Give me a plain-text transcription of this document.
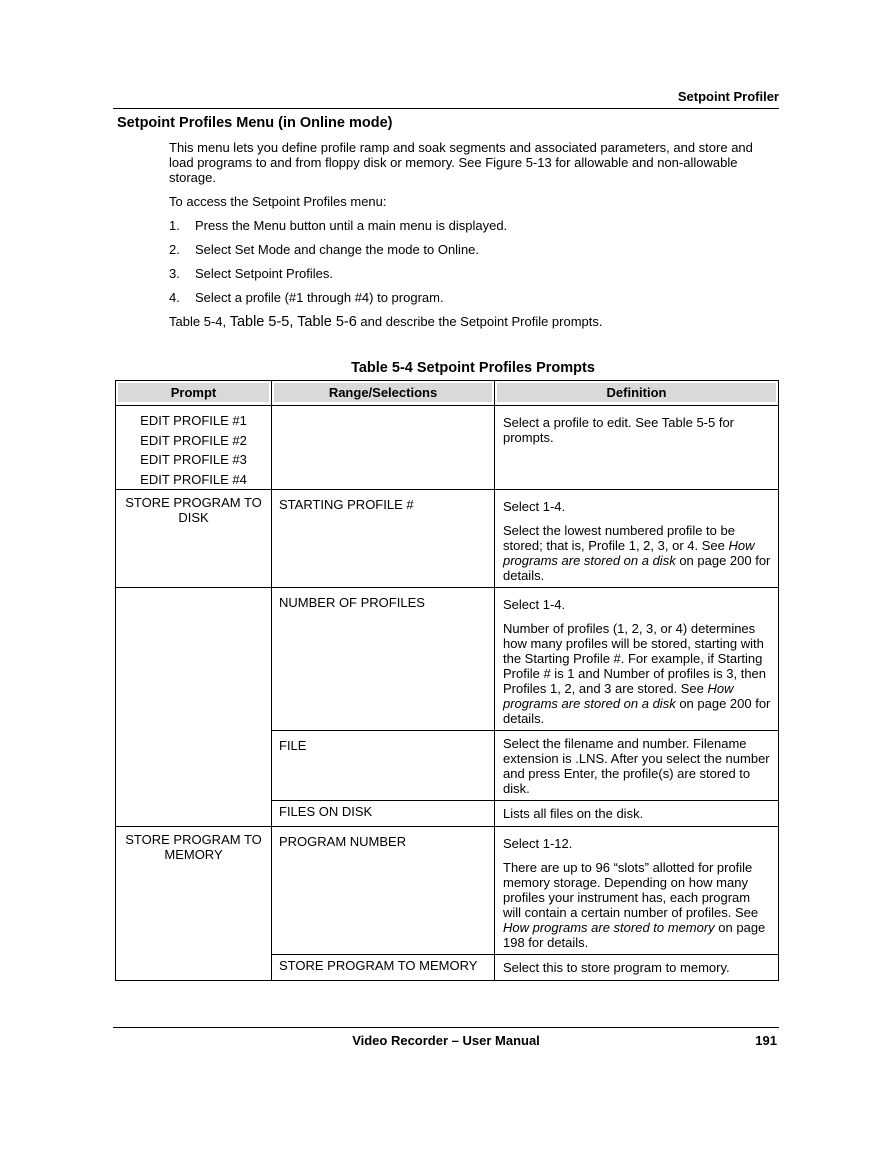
Setpoint Profiler
Setpoint Profiles Menu (in Online mode)

This menu lets you define profile ramp and soak segments and associated parameters, and store and load programs to and from floppy disk or memory. See Figure 5-13 for allowable and non-allowable storage.

To access the Setpoint Profiles menu:

1.	Press the Menu button until a main menu is displayed.
2.	Select Set Mode and change the mode to Online.
3.	Select Setpoint Profiles.
4.	Select a profile (#1 through #4) to program.

Table 5-4, Table 5-5, Table 5-6 and describe the Setpoint Profile prompts.

Table 5-4 Setpoint Profiles Prompts
Prompt	Range/Selections	Definition

EDIT PROFILE #1
EDIT PROFILE #2
EDIT PROFILE #3
EDIT PROFILE #4		Select a profile to edit. See Table 5-5 for prompts.

STORE PROGRAM TO DISK	STARTING PROFILE #	Select 1-4.

Select the lowest numbered profile to be stored; that is, Profile 1, 2, 3, or 4. See How programs are stored on a disk on page 200 for details.

	NUMBER OF PROFILES	Select 1-4.

Number of profiles (1, 2, 3, or 4) determines how many profiles will be stored, starting with the Starting Profile #. For example, if Starting Profile # is 1 and Number of profiles is 3, then Profiles 1, 2, and 3 are stored. See How programs are stored on a disk on page 200 for details.

	FILE	Select the filename and number. Filename extension is .LNS. After you select the number and press Enter, the profile(s) are stored to disk.

	FILES ON DISK	Lists all files on the disk.

STORE PROGRAM TO MEMORY	PROGRAM NUMBER	Select 1-12.

There are up to 96 “slots” allotted for profile memory storage. Depending on how many profiles your instrument has, each program will contain a certain number of profiles. See How programs are stored to memory on page 198 for details.

	STORE PROGRAM TO MEMORY	Select this to store program to memory.

Video Recorder – User Manual	191
